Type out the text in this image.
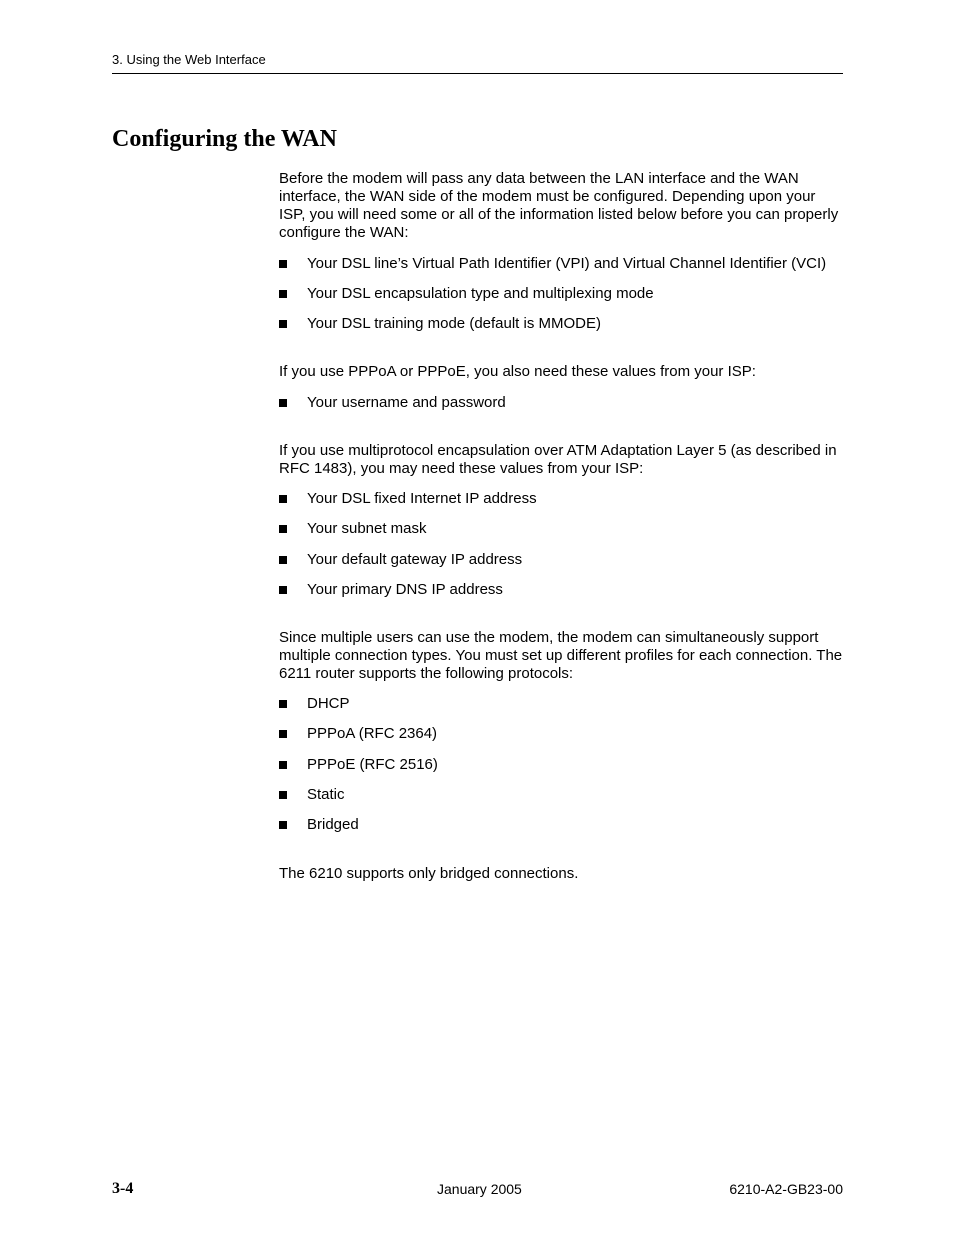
3. Using the Web Interface
Configuring the WAN

Before the modem will pass any data between the LAN interface and the WAN interface, the WAN side of the modem must be configured. Depending upon your ISP, you will need some or all of the information listed below before you can properly configure the WAN:

Your DSL line’s Virtual Path Identifier (VPI) and Virtual Channel Identifier (VCI)
Your DSL encapsulation type and multiplexing mode
Your DSL training mode (default is MMODE)

If you use PPPoA or PPPoE, you also need these values from your ISP:

Your username and password

If you use multiprotocol encapsulation over ATM Adaptation Layer 5 (as described in RFC 1483), you may need these values from your ISP:

Your DSL fixed Internet IP address
Your subnet mask
Your default gateway IP address
Your primary DNS IP address

Since multiple users can use the modem, the modem can simultaneously support multiple connection types. You must set up different profiles for each connection. The 6211 router supports the following protocols:

DHCP
PPPoA (RFC 2364)
PPPoE (RFC 2516)
Static
Bridged

The 6210 supports only bridged connections.

3-4	January 2005	6210-A2-GB23-00
